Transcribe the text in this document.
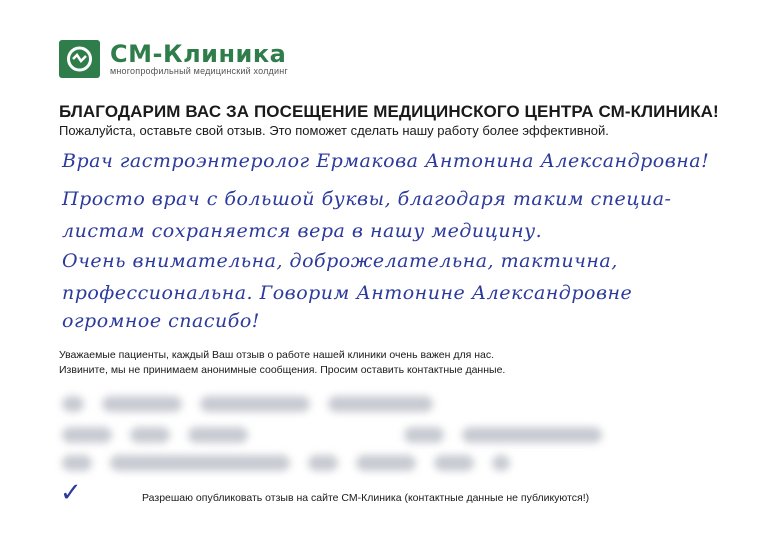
СМ-Клиника
многопрофильный медицинский холдинг
БЛАГОДАРИМ ВАС ЗА ПОСЕЩЕНИЕ МЕДИЦИНСКОГО ЦЕНТРА СМ-КЛИНИКА!
Пожалуйста, оставьте свой отзыв. Это поможет сделать нашу работу более эффективной.
Врач гастроэнтеролог Ермакова Антонина Александровна!
Просто врач с большой буквы, благодаря таким специа-
листам сохраняется вера в нашу медицину.
Очень внимательна, доброжелательна, тактична,
профессиональна. Говорим Антонине Александровне
огромное спасибо!
Уважаемые пациенты, каждый Ваш отзыв о работе нашей клиники очень важен для нас.
Извините, мы не принимаем анонимные сообщения. Просим оставить контактные данные.
✓	Разрешаю опубликовать отзыв на сайте СМ-Клиника (контактные данные не публикуются!)
